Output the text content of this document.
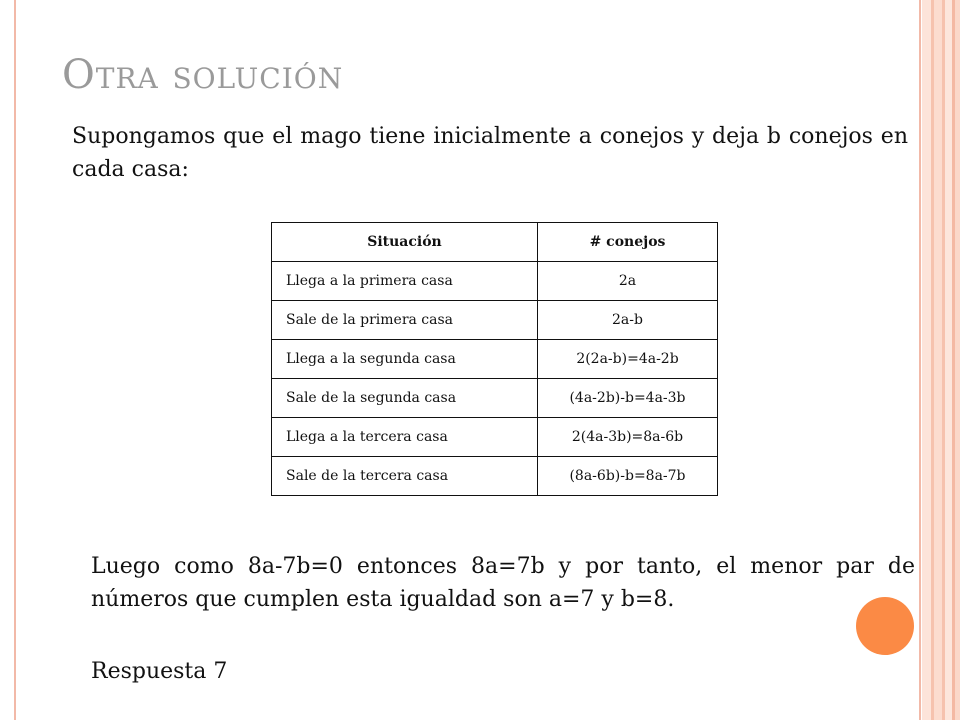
Otra solución
Supongamos que el mago tiene inicialmente a conejos y deja b conejos en cada casa:
Situación	# conejos
Llega a la primera casa	2a
Sale de la primera casa	2a-b
Llega a la segunda casa	2(2a-b)=4a-2b
Sale de la segunda casa	(4a-2b)-b=4a-3b
Llega a la tercera casa	2(4a-3b)=8a-6b
Sale de la tercera casa	(8a-6b)-b=8a-7b
Luego como 8a-7b=0 entonces 8a=7b y por tanto, el menor par de números que cumplen esta igualdad son a=7 y b=8.
Respuesta 7
